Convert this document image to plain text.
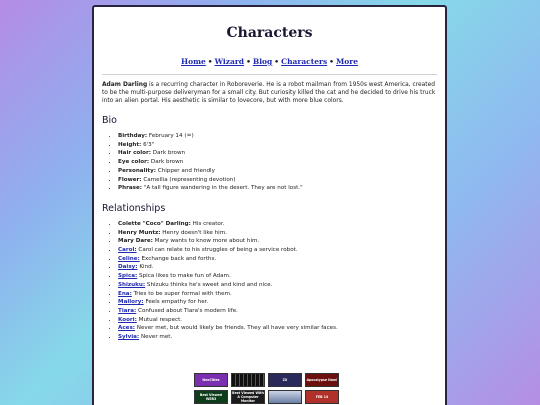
Characters
Home • Wizard • Blog • Characters • More

Adam Darling is a recurring character in Roboreverie. He is a robot mailman from 1950s west America, created to be the multi-purpose deliveryman for a small city. But curiosity killed the cat and he decided to drive his truck into an alien portal. His aesthetic is similar to lovecore, but with more blue colors.

Bio
• Birthday: February 14 (♒)
• Height: 6'3"
• Hair color: Dark brown
• Eye color: Dark brown
• Personality: Chipper and friendly
• Flower: Camellia (representing devotion)
• Phrase: "A tall figure wandering in the desert. They are not lost."
Relationships
• Colette "Coco" Darling: His creator.
• Henry Muntz: Henry doesn't like him.
• Mary Dare: Mary wants to know more about him.
• Carol: Carol can relate to his struggles of being a service robot.
• Celine: Exchange back and forths.
• Daisy: Kind.
• Spica: Spica likes to make fun of Adam.
• Shizuku: Shizuku thinks he's sweet and kind and nice.
• Ena: Tries to be super formal with them.
• Mallory: Feels empathy for her.
• Tiara: Confused about Tiara's modern life.
• Koori: Mutual respect.
• Aces: Never met, but would likely be friends. They all have very similar faces.
• Sylvia: Never met.
NeoCities	ZX	Apocalypse Now!
Best Viewed WEB3
Best Viewed With A Computer Monitor
FEB 14
